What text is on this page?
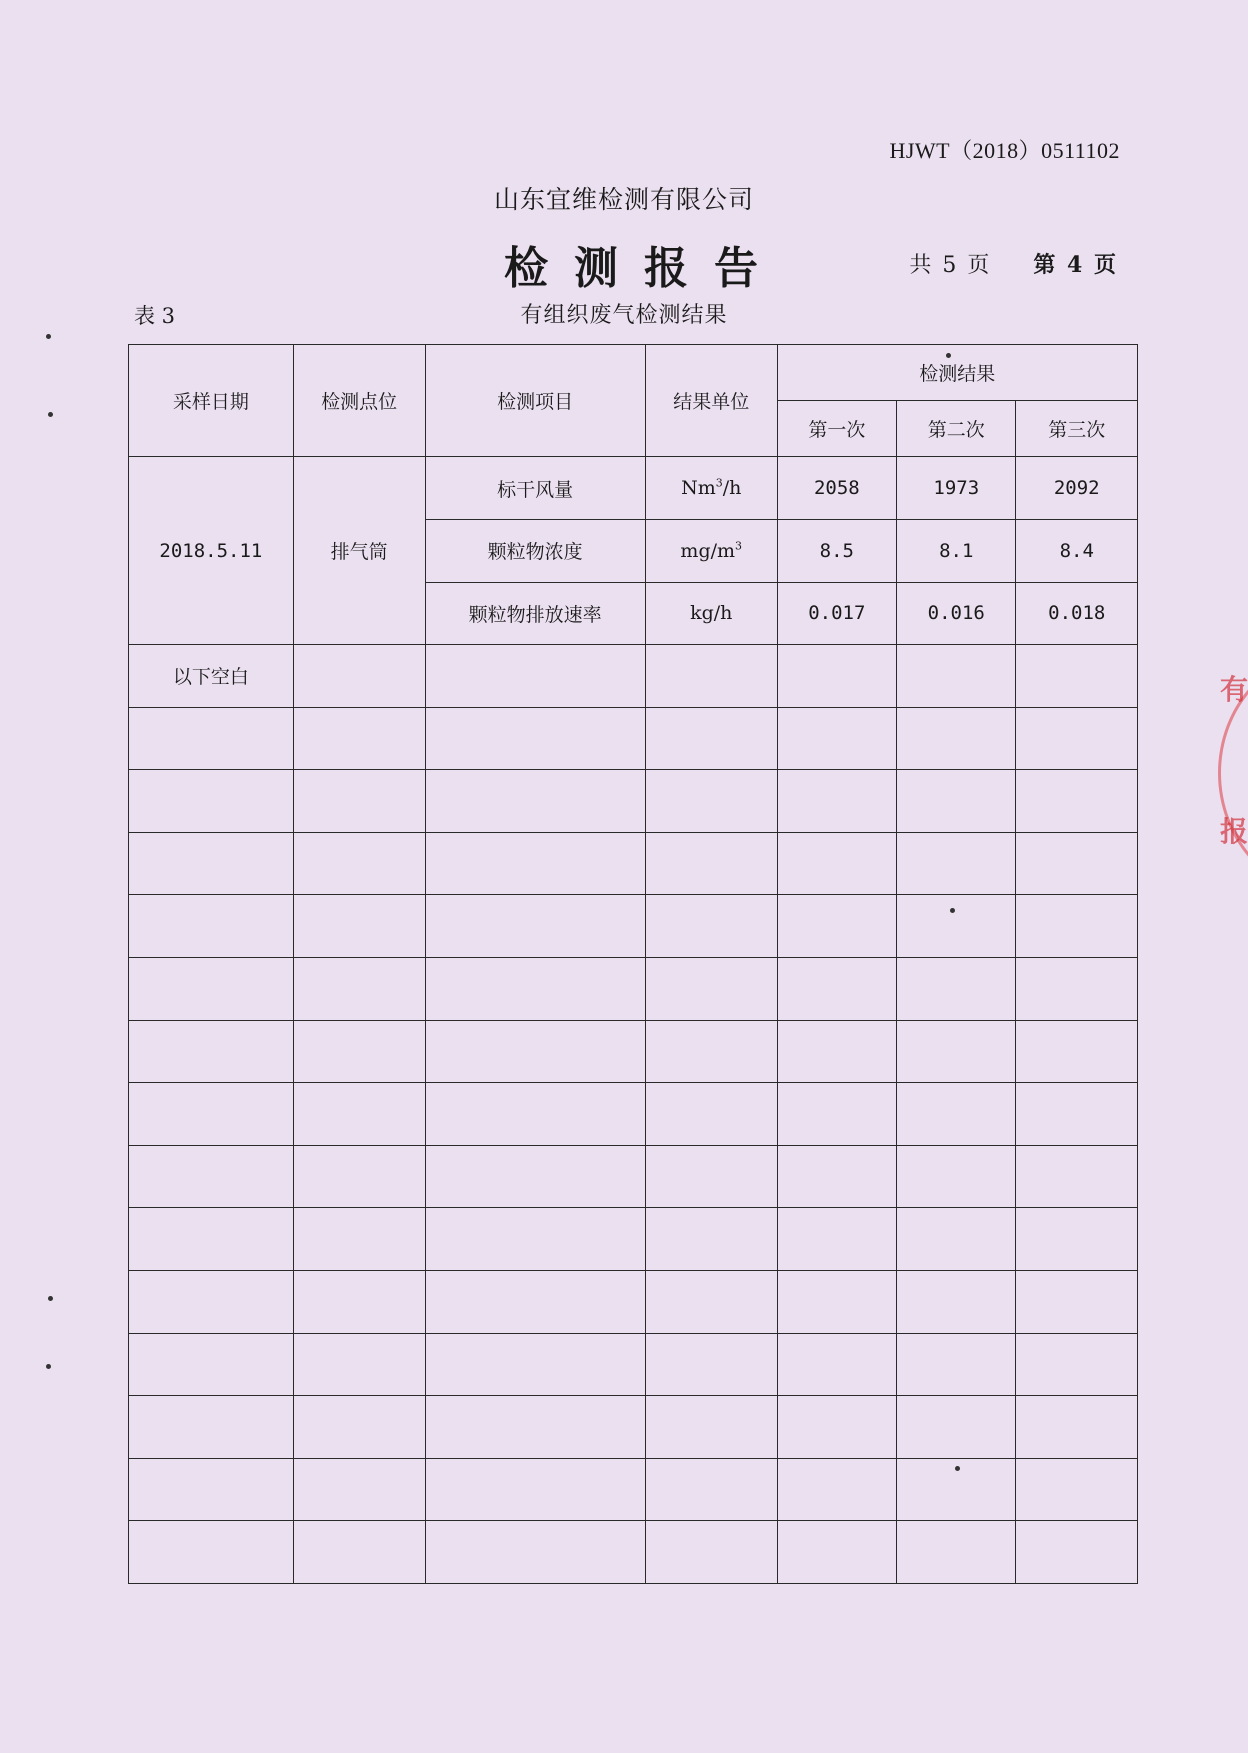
HJWT（2018）0511102
山东宜维检测有限公司
检测报告	共 5 页 第 4 页
表 3	有组织废气检测结果
采样日期	检测点位	检测项目	结果单位	检测结果		
				第一次	第二次	第三次
2018.5.11	排气筒	标干风量	Nm$^3$/h	2058	1973	2092
		颗粒物浓度	$mg/m^3$	8.5	8.1	8.4
		颗粒物排放速率	kg/h	0.017	0.016	0.018
以下空白						

							有
报
